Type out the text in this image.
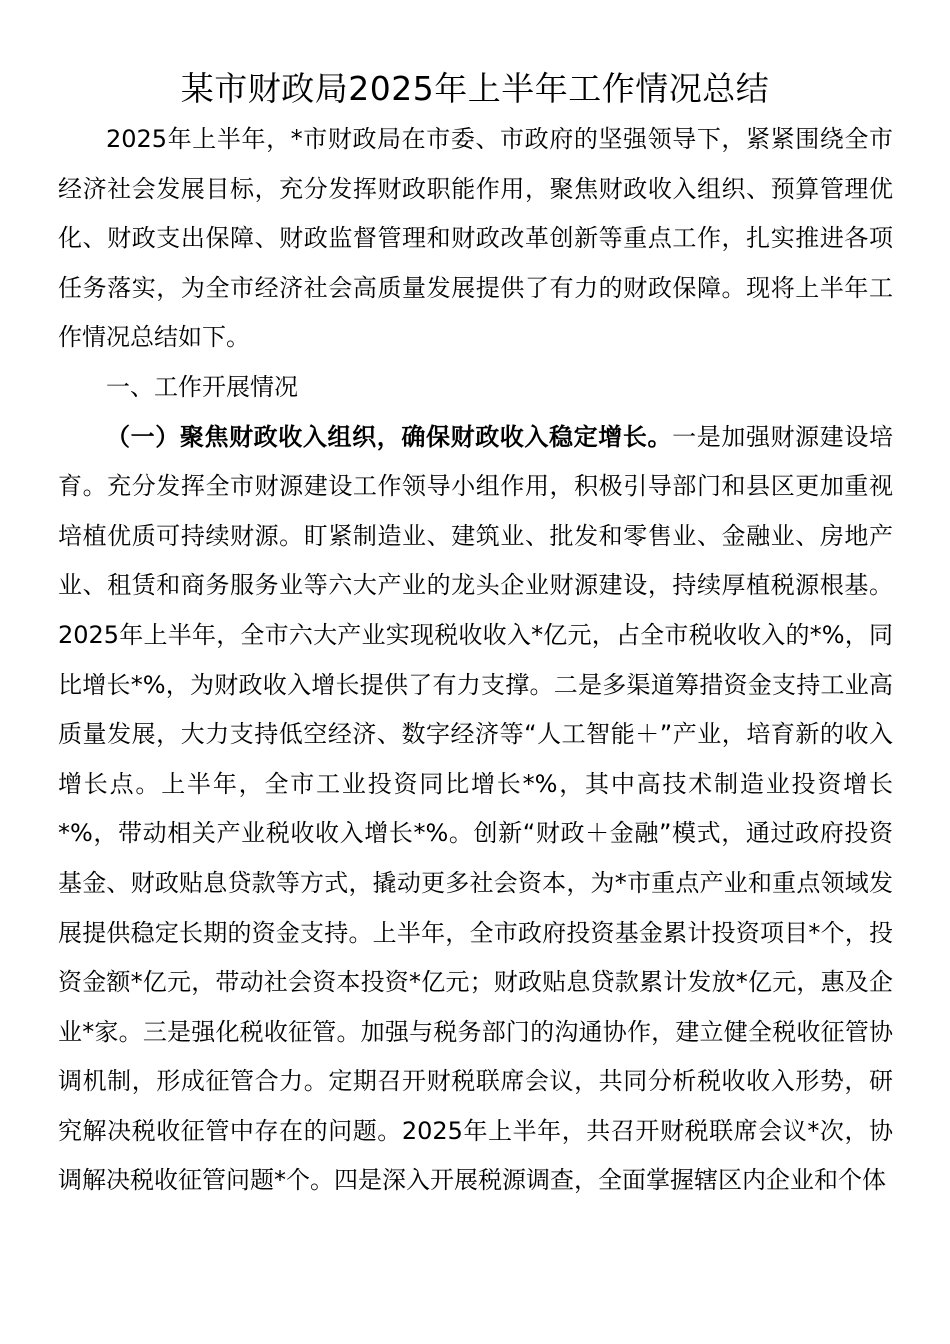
某市财政局2025年上半年工作情况总结

2025年上半年，*市财政局在市委、市政府的坚强领导下，紧紧围绕全市经济社会发展目标，充分发挥财政职能作用，聚焦财政收入组织、预算管理优化、财政支出保障、财政监督管理和财政改革创新等重点工作，扎实推进各项任务落实，为全市经济社会高质量发展提供了有力的财政保障。现将上半年工作情况总结如下。

一、工作开展情况

（一）聚焦财政收入组织，确保财政收入稳定增长。一是加强财源建设培育。充分发挥全市财源建设工作领导小组作用，积极引导部门和县区更加重视培植优质可持续财源。盯紧制造业、建筑业、批发和零售业、金融业、房地产业、租赁和商务服务业等六大产业的龙头企业财源建设，持续厚植税源根基。2025年上半年，全市六大产业实现税收收入*亿元，占全市税收收入的*%，同比增长*%，为财政收入增长提供了有力支撑。二是多渠道筹措资金支持工业高质量发展，大力支持低空经济、数字经济等“人工智能＋”产业，培育新的收入增长点。上半年，全市工业投资同比增长*%，其中高技术制造业投资增长*%，带动相关产业税收收入增长*%。创新“财政＋金融”模式，通过政府投资基金、财政贴息贷款等方式，撬动更多社会资本，为*市重点产业和重点领域发展提供稳定长期的资金支持。上半年，全市政府投资基金累计投资项目*个，投资金额*亿元，带动社会资本投资*亿元；财政贴息贷款累计发放*亿元，惠及企业*家。三是强化税收征管。加强与税务部门的沟通协作，建立健全税收征管协调机制，形成征管合力。定期召开财税联席会议，共同分析税收收入形势，研究解决税收征管中存在的问题。2025年上半年，共召开财税联席会议*次，协调解决税收征管问题*个。四是深入开展税源调查，全面掌握辖区内企业和个体
